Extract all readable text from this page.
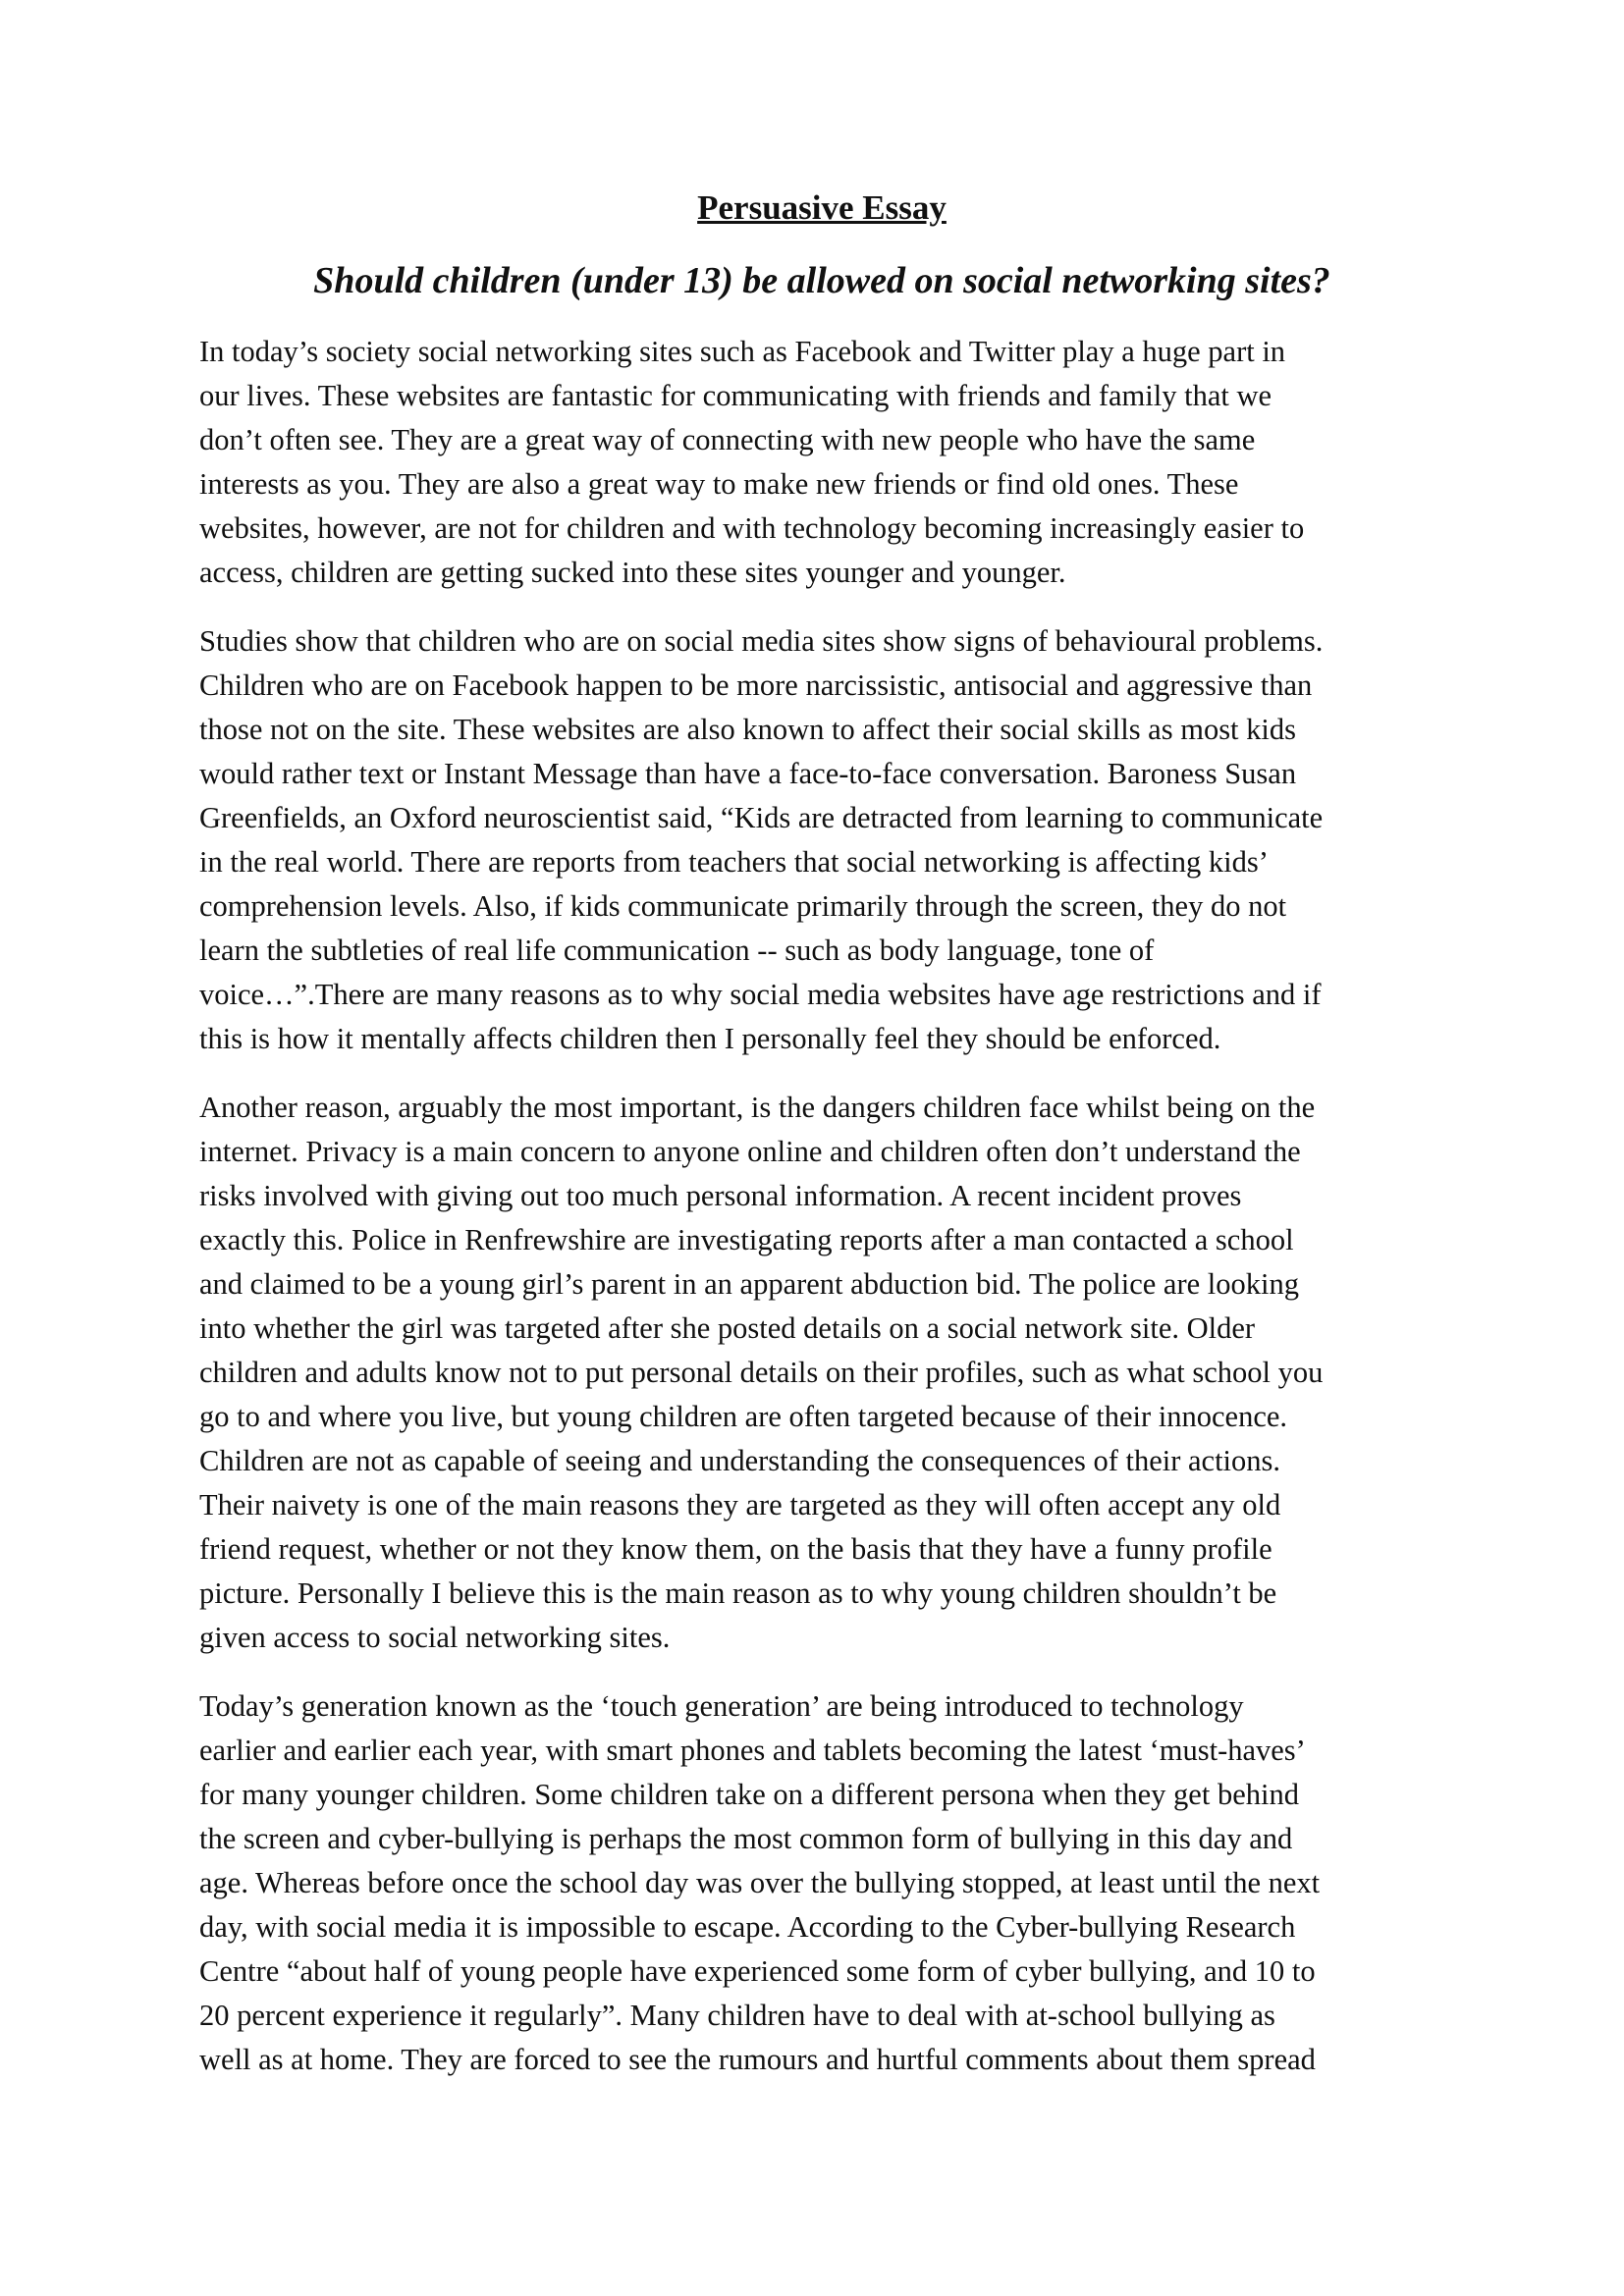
Persuasive Essay
Should children (under 13) be allowed on social networking sites?

In today’s society social networking sites such as Facebook and Twitter play a huge part in
our lives. These websites are fantastic for communicating with friends and family that we
don’t often see. They are a great way of connecting with new people who have the same
interests as you. They are also a great way to make new friends or find old ones. These
websites, however, are not for children and with technology becoming increasingly easier to
access, children are getting sucked into these sites younger and younger.

Studies show that children who are on social media sites show signs of behavioural problems.
Children who are on Facebook happen to be more narcissistic, antisocial and aggressive than
those not on the site. These websites are also known to affect their social skills as most kids
would rather text or Instant Message than have a face-to-face conversation. Baroness Susan
Greenfields, an Oxford neuroscientist said, “Kids are detracted from learning to communicate
in the real world. There are reports from teachers that social networking is affecting kids’
comprehension levels. Also, if kids communicate primarily through the screen, they do not
learn the subtleties of real life communication -- such as body language, tone of
voice…”.There are many reasons as to why social media websites have age restrictions and if
this is how it mentally affects children then I personally feel they should be enforced.

Another reason, arguably the most important, is the dangers children face whilst being on the
internet. Privacy is a main concern to anyone online and children often don’t understand the
risks involved with giving out too much personal information. A recent incident proves
exactly this. Police in Renfrewshire are investigating reports after a man contacted a school
and claimed to be a young girl’s parent in an apparent abduction bid. The police are looking
into whether the girl was targeted after she posted details on a social network site. Older
children and adults know not to put personal details on their profiles, such as what school you
go to and where you live, but young children are often targeted because of their innocence.
Children are not as capable of seeing and understanding the consequences of their actions.
Their naivety is one of the main reasons they are targeted as they will often accept any old
friend request, whether or not they know them, on the basis that they have a funny profile
picture. Personally I believe this is the main reason as to why young children shouldn’t be
given access to social networking sites.

Today’s generation known as the ‘touch generation’ are being introduced to technology
earlier and earlier each year, with smart phones and tablets becoming the latest ‘must-haves’
for many younger children. Some children take on a different persona when they get behind
the screen and cyber-bullying is perhaps the most common form of bullying in this day and
age. Whereas before once the school day was over the bullying stopped, at least until the next
day, with social media it is impossible to escape. According to the Cyber-bullying Research
Centre “about half of young people have experienced some form of cyber bullying, and 10 to
20 percent experience it regularly”. Many children have to deal with at-school bullying as
well as at home. They are forced to see the rumours and hurtful comments about them spread
